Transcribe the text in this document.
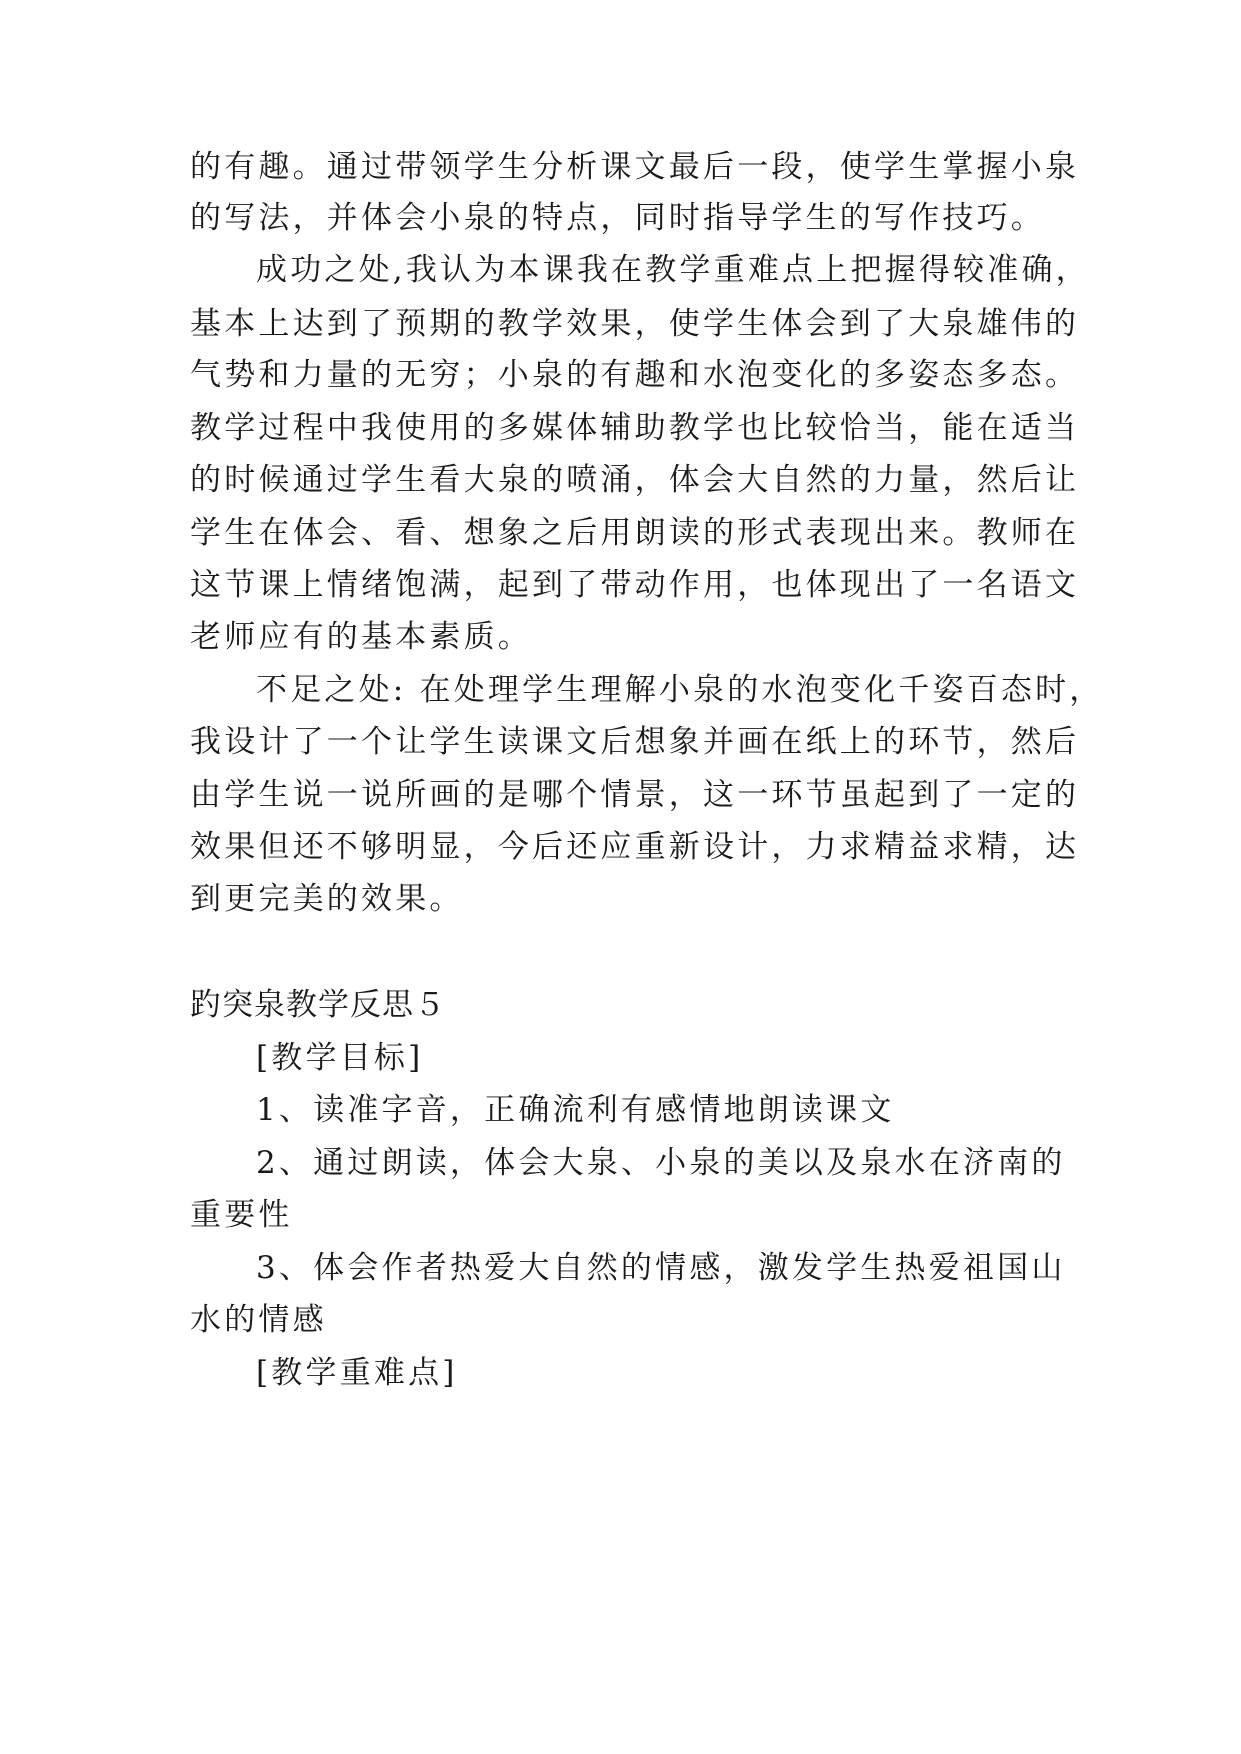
的有趣。通过带领学生分析课文最后一段，使学生掌握小泉
的写法，并体会小泉的特点，同时指导学生的写作技巧。
成功之处,我认为本课我在教学重难点上把握得较准确，
基本上达到了预期的教学效果，使学生体会到了大泉雄伟的
气势和力量的无穷；小泉的有趣和水泡变化的多姿态多态。
教学过程中我使用的多媒体辅助教学也比较恰当，能在适当
的时候通过学生看大泉的喷涌，体会大自然的力量，然后让
学生在体会、看、想象之后用朗读的形式表现出来。教师在
这节课上情绪饱满，起到了带动作用，也体现出了一名语文
老师应有的基本素质。
不足之处: 在处理学生理解小泉的水泡变化千姿百态时，
我设计了一个让学生读课文后想象并画在纸上的环节，然后
由学生说一说所画的是哪个情景，这一环节虽起到了一定的
效果但还不够明显，今后还应重新设计，力求精益求精，达
到更完美的效果。
趵突泉教学反思５
[教学目标]
1、读准字音，正确流利有感情地朗读课文
2、通过朗读，体会大泉、小泉的美以及泉水在济南的
重要性
3、体会作者热爱大自然的情感，激发学生热爱祖国山
水的情感
[教学重难点]
